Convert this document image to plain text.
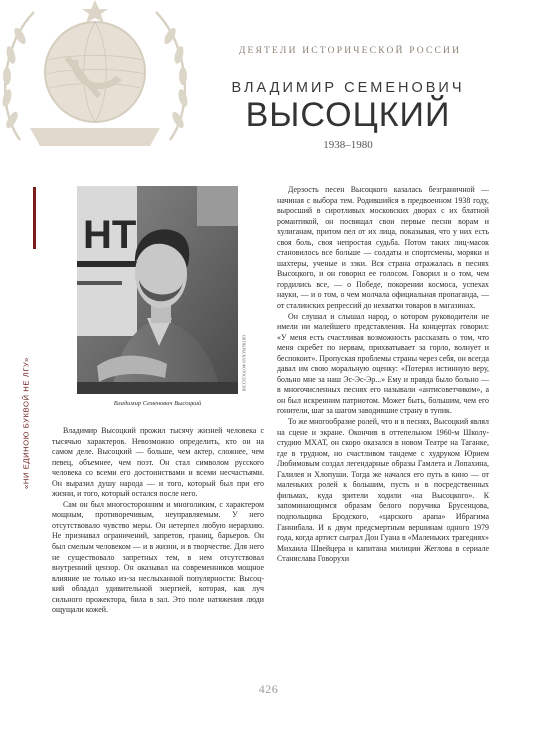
ДЕЯТЕЛИ ИСТОРИЧЕСКОЙ РОССИИ
ВЛАДИМИР СЕМЕНОВИЧ
ВЫСОЦКИЙ
1938–1980
«НИ ЕДИНОЮ БУКВОЙ НЕ ЛГУ»
НТ
ОКТЯБРЬСКАЯ ФОТОСЕССИЯ
Владимир Семенович Высоцкий

Владимир Высоцкий прожил тысячу жизней человека с тысячью характеров. Невозможно определить, кто он на самом деле. Высоцкий — больше, чем актер, сложнее, чем певец, объемнее, чем поэт. Он стал символом русского человека со всеми его достоинствами и всеми несчастьями. Он выразил душу народа — и того, который был при его жизни, и того, который остался после него.

Сам он был многосторонним и многоликим, с характером мощным, противоречивым, неуправляемым. У него отсутствовало чувство меры. Он нетерпел любую иерархию. Не признавал ограничений, запретов, границ, барьеров. Он был смелым человеком — и в жизни, и в творчестве. Для него не существовало запретных тем, в нем отсутствовал внутренний цензор. Он оказывал на современников мощное влияние не только из-за неслыханной популярности: Высоцкий обладал удивительной энергией, которая, как луч сильного прожектора, била в зал. Это поле натяжения люди ощущали кожей.

Дерзость песен Высоцкого казалась безграничной — начиная с выбора тем. Родившийся в предвоенном 1938 году, выросший в сиротливых московских дворах с их блатной романтикой, он посвящал свои первые песни ворам и хулиганам, притом пел от их лица, показывая, что у них есть своя боль, своя непростая судьба. Потом таких лиц-масок становилось все больше — солдаты и спортсмены, моряки и шахтеры, ученые и зэки. Вся страна отражалась в песнях Высоцкого, и он говорил ее голосом. Говорил и о том, чем гордились все, — о Победе, покорении космоса, успехах науки, — и о том, о чем молчала официальная пропаганда, — от сталинских репрессий до нехватки товаров в магазинах.

Он слушал и слышал народ, о котором руководители не имели ни малейшего представления. На концертах говорил: «У меня есть счастливая возможность рассказать о том, что меня скребет по нервам, прихватывает за горло, волнует и беспокоит». Пропуская проблемы страны через себя, он всегда давал им свою моральную оценку: «Потерял истинную веру, больно мне за наш Эс-Эс-Эр...» Ему и правда было больно — в многочисленных песнях его называли «антисоветчиком», а он был искренним патриотом. Может быть, большим, чем его гонители, шаг за шагом заводившие страну в тупик.

То же многообразие ролей, что и в песнях, Высоцкий являл на сцене и экране. Окончив в оттепельном 1960-м Школу-студию МХАТ, он скоро оказался в новом Театре на Таганке, где в трудном, но счастливом тандеме с худруком Юрием Любимовым создал легендарные образы Гамлета и Лопахина, Галилея и Хлопуши. Тогда же начался его путь в кино — от маленьких ролей к большим, пусть и в посредственных фильмах, куда зрители ходили «на Высоцкого». К запоминающимся образам белого поручика Брусенцова, подпольщика Бродского, «царского арапа» Ибрагима Ганнибала. И к двум предсмертным вершинам одного 1979 года, когда артист сыграл Дон Гуана в «Маленьких трагедиях» Михаила Швейцера и капитана милиции Жеглова в сериале Станислава Говорухи

426
